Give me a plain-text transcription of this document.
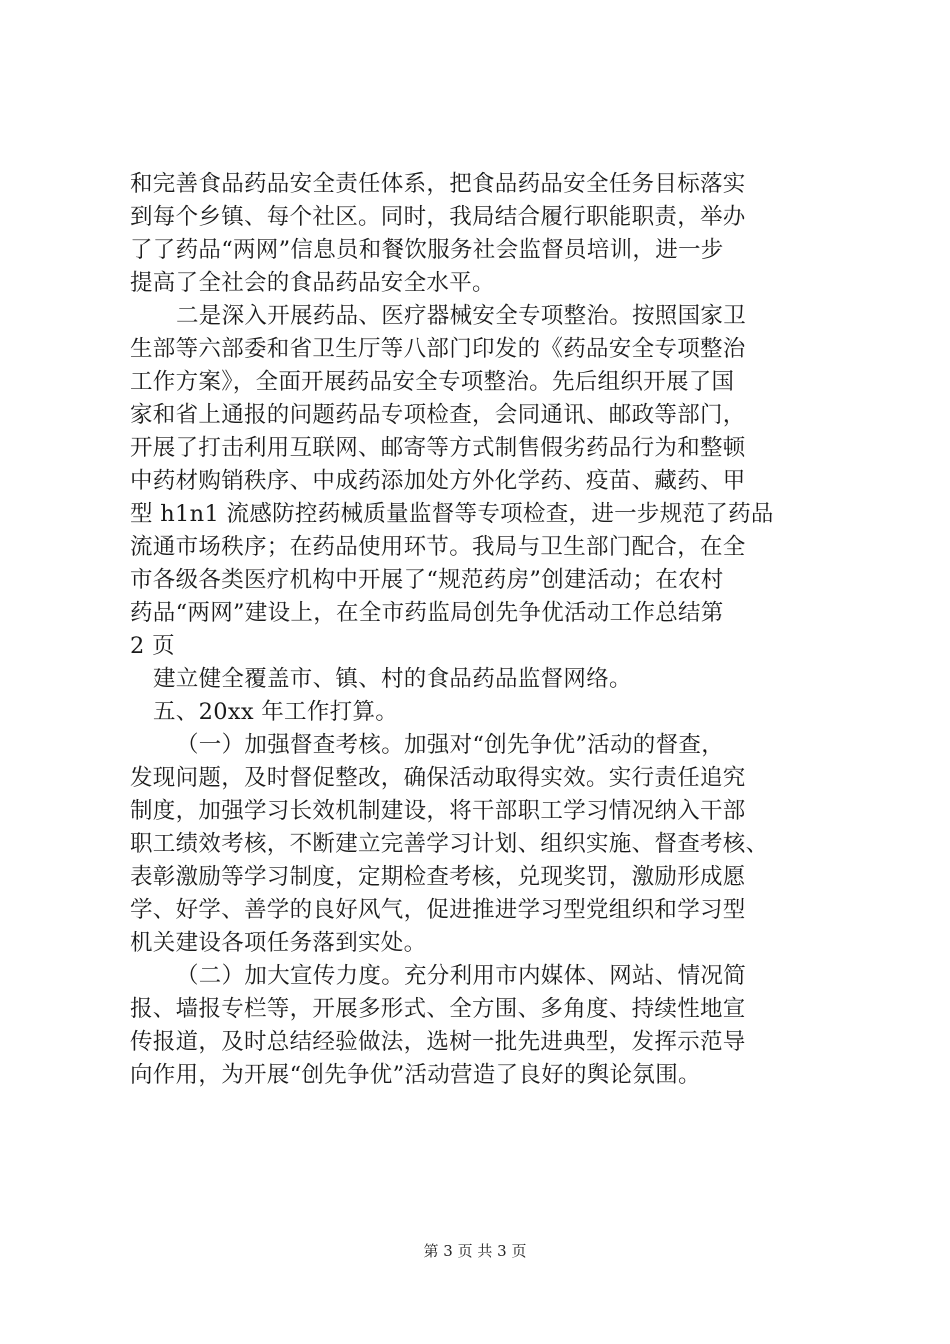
和完善食品药品安全责任体系，把食品药品安全任务目标落实
到每个乡镇、每个社区。同时，我局结合履行职能职责，举办
了了药品“两网”信息员和餐饮服务社会监督员培训，进一步
提高了全社会的食品药品安全水平。
二是深入开展药品、医疗器械安全专项整治。按照国家卫
生部等六部委和省卫生厅等八部门印发的《药品安全专项整治
工作方案》，全面开展药品安全专项整治。先后组织开展了国
家和省上通报的问题药品专项检查，会同通讯、邮政等部门，
开展了打击利用互联网、邮寄等方式制售假劣药品行为和整顿
中药材购销秩序、中成药添加处方外化学药、疫苗、藏药、甲
型 h1n1 流感防控药械质量监督等专项检查，进一步规范了药品
流通市场秩序；在药品使用环节。我局与卫生部门配合，在全
市各级各类医疗机构中开展了“规范药房”创建活动；在农村
药品“两网”建设上，在全市药监局创先争优活动工作总结第
2 页
建立健全覆盖市、镇、村的食品药品监督网络。
五、20xx 年工作打算。
（一）加强督查考核。加强对“创先争优”活动的督查，
发现问题，及时督促整改，确保活动取得实效。实行责任追究
制度，加强学习长效机制建设，将干部职工学习情况纳入干部
职工绩效考核，不断建立完善学习计划、组织实施、督查考核、
表彰激励等学习制度，定期检查考核，兑现奖罚，激励形成愿
学、好学、善学的良好风气，促进推进学习型党组织和学习型
机关建设各项任务落到实处。
（二）加大宣传力度。充分利用市内媒体、网站、情况简
报、墙报专栏等，开展多形式、全方围、多角度、持续性地宣
传报道，及时总结经验做法，选树一批先进典型，发挥示范导
向作用，为开展“创先争优”活动营造了良好的舆论氛围。
第 3 页 共 3 页
